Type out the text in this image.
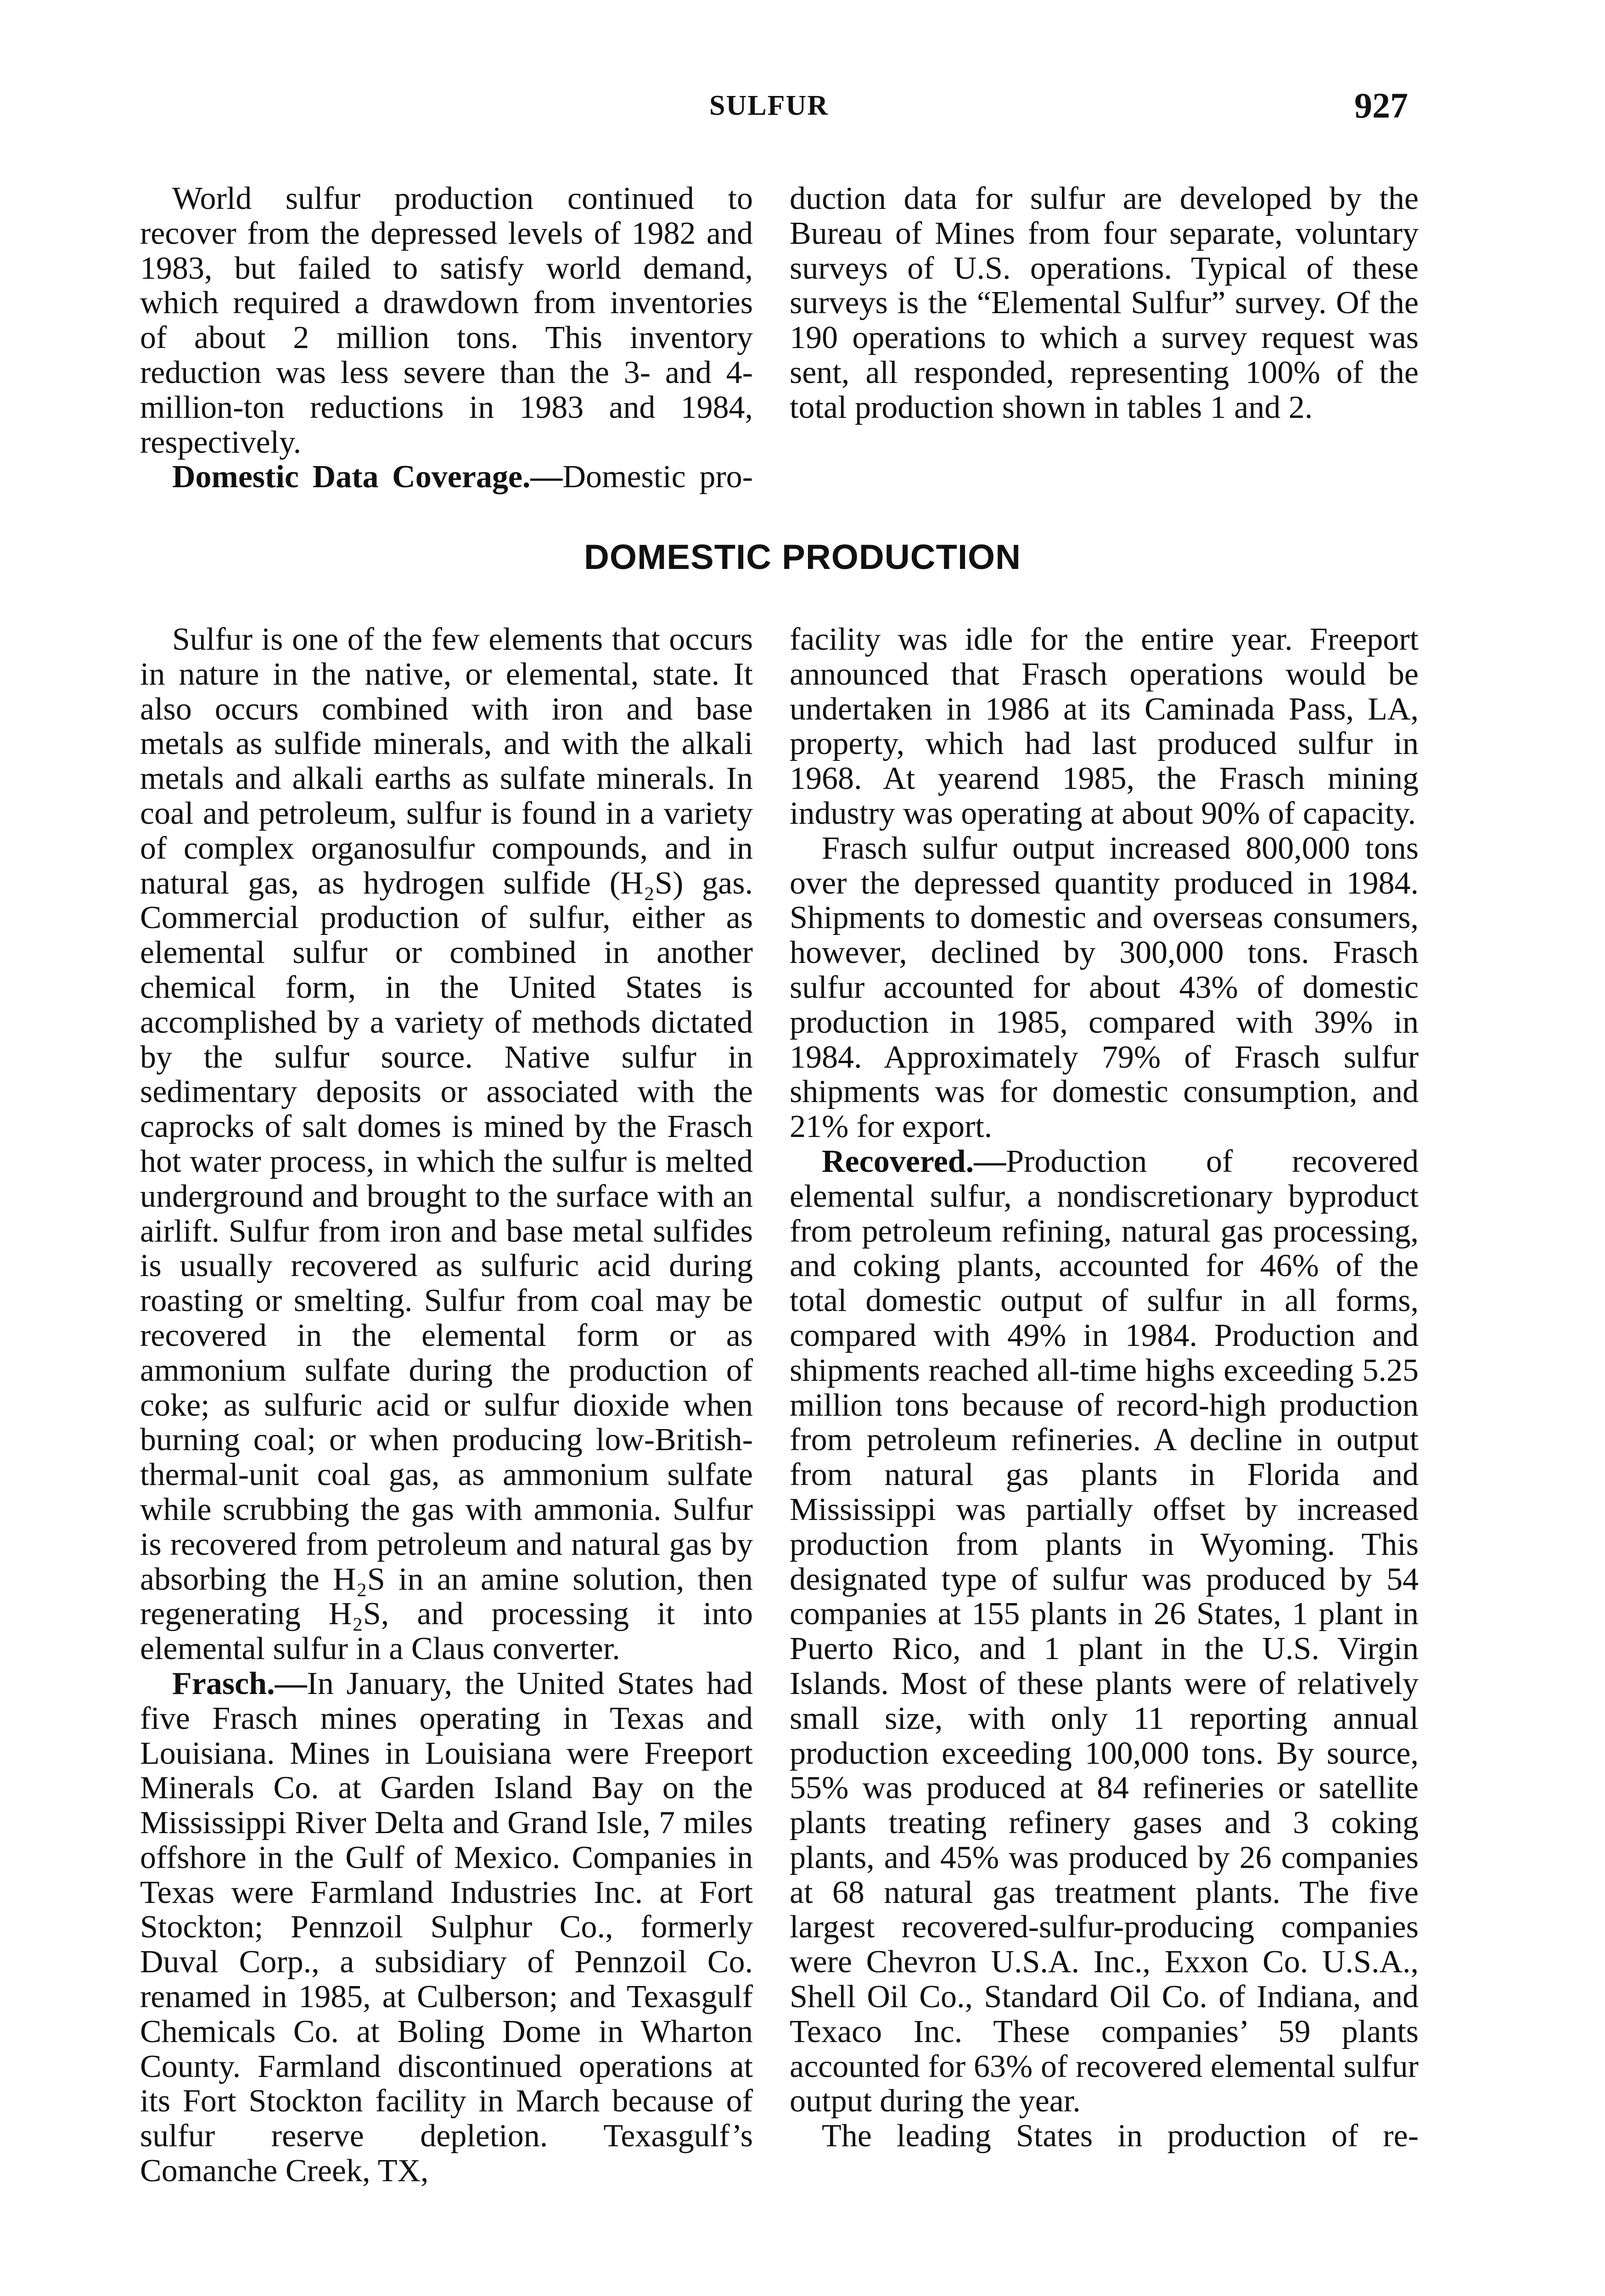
SULFUR	927

World sulfur production continued to recover from the depressed levels of 1982 and 1983, but failed to satisfy world demand, which required a drawdown from inventories of about 2 million tons. This inventory reduction was less severe than the 3- and 4-million-ton reductions in 1983 and 1984, respectively.

Domestic Data Coverage.—Domestic pro-

duction data for sulfur are developed by the Bureau of Mines from four separate, voluntary surveys of U.S. operations. Typical of these surveys is the “Elemental Sulfur” survey. Of the 190 operations to which a survey request was sent, all responded, representing 100% of the total production shown in tables 1 and 2.

DOMESTIC PRODUCTION

Sulfur is one of the few elements that occurs in nature in the native, or elemental, state. It also occurs combined with iron and base metals as sulfide minerals, and with the alkali metals and alkali earths as sulfate minerals. In coal and petroleum, sulfur is found in a variety of complex organosulfur compounds, and in natural gas, as hydrogen sulfide (H₂S) gas. Commercial production of sulfur, either as elemental sulfur or combined in another chemical form, in the United States is accomplished by a variety of methods dictated by the sulfur source. Native sulfur in sedimentary deposits or associated with the caprocks of salt domes is mined by the Frasch hot water process, in which the sulfur is melted underground and brought to the surface with an airlift. Sulfur from iron and base metal sulfides is usually recovered as sulfuric acid during roasting or smelting. Sulfur from coal may be recovered in the elemental form or as ammonium sulfate during the production of coke; as sulfuric acid or sulfur dioxide when burning coal; or when producing low-British-thermal-unit coal gas, as ammonium sulfate while scrubbing the gas with ammonia. Sulfur is recovered from petroleum and natural gas by absorbing the H₂S in an amine solution, then regenerating H₂S, and processing it into elemental sulfur in a Claus converter.

Frasch.—In January, the United States had five Frasch mines operating in Texas and Louisiana. Mines in Louisiana were Freeport Minerals Co. at Garden Island Bay on the Mississippi River Delta and Grand Isle, 7 miles offshore in the Gulf of Mexico. Companies in Texas were Farmland Industries Inc. at Fort Stockton; Pennzoil Sulphur Co., formerly Duval Corp., a subsidiary of Pennzoil Co. renamed in 1985, at Culberson; and Texasgulf Chemicals Co. at Boling Dome in Wharton County. Farmland discontinued operations at its Fort Stockton facility in March because of sulfur reserve depletion. Texasgulf’s Comanche Creek, TX,

facility was idle for the entire year. Freeport announced that Frasch operations would be undertaken in 1986 at its Caminada Pass, LA, property, which had last produced sulfur in 1968. At yearend 1985, the Frasch mining industry was operating at about 90% of capacity.

Frasch sulfur output increased 800,000 tons over the depressed quantity produced in 1984. Shipments to domestic and overseas consumers, however, declined by 300,000 tons. Frasch sulfur accounted for about 43% of domestic production in 1985, compared with 39% in 1984. Approximately 79% of Frasch sulfur shipments was for domestic consumption, and 21% for export.

Recovered.—Production of recovered elemental sulfur, a nondiscretionary byproduct from petroleum refining, natural gas processing, and coking plants, accounted for 46% of the total domestic output of sulfur in all forms, compared with 49% in 1984. Production and shipments reached all-time highs exceeding 5.25 million tons because of record-high production from petroleum refineries. A decline in output from natural gas plants in Florida and Mississippi was partially offset by increased production from plants in Wyoming. This designated type of sulfur was produced by 54 companies at 155 plants in 26 States, 1 plant in Puerto Rico, and 1 plant in the U.S. Virgin Islands. Most of these plants were of relatively small size, with only 11 reporting annual production exceeding 100,000 tons. By source, 55% was produced at 84 refineries or satellite plants treating refinery gases and 3 coking plants, and 45% was produced by 26 companies at 68 natural gas treatment plants. The five largest recovered-sulfur-producing companies were Chevron U.S.A. Inc., Exxon Co. U.S.A., Shell Oil Co., Standard Oil Co. of Indiana, and Texaco Inc. These companies’ 59 plants accounted for 63% of recovered elemental sulfur output during the year.

The leading States in production of re-
